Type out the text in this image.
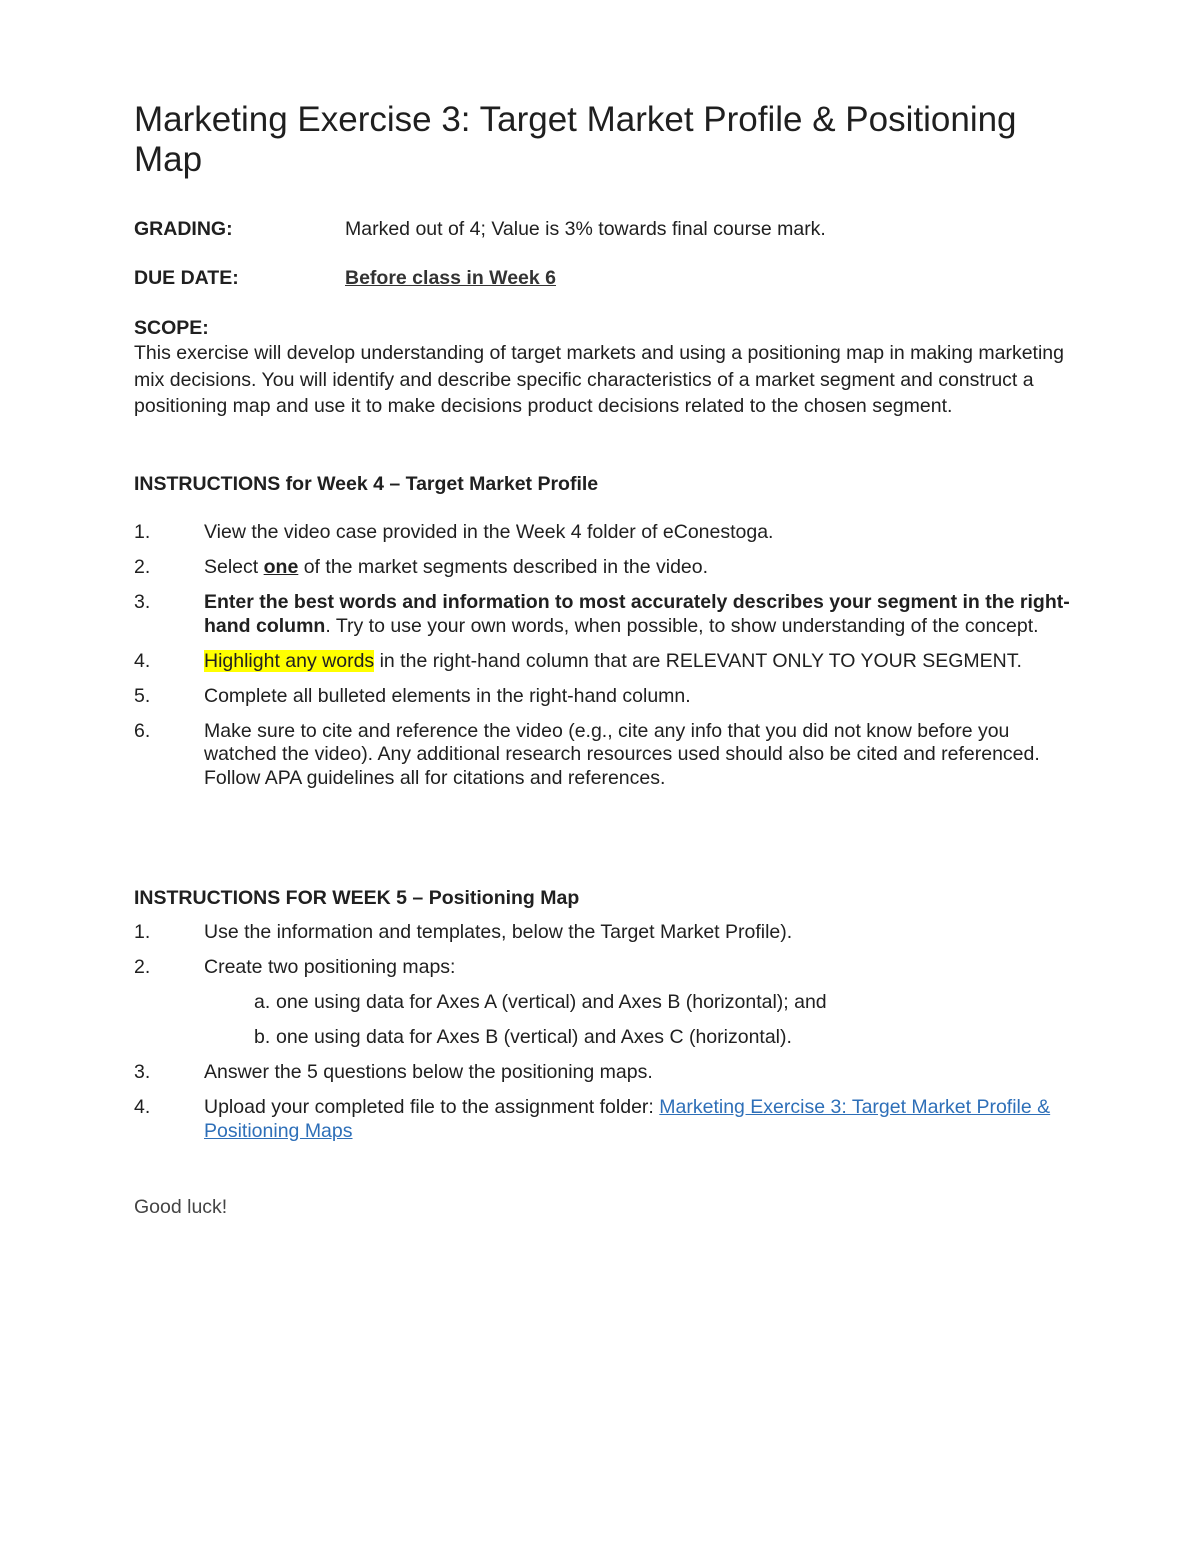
Marketing Exercise 3: Target Market Profile & Positioning Map
GRADING:	Marked out of 4; Value is 3% towards final course mark.
DUE DATE:	Before class in Week 6
SCOPE:
This exercise will develop understanding of target markets and using a positioning map in making marketing mix decisions. You will identify and describe specific characteristics of a market segment and construct a positioning map and use it to make decisions product decisions related to the chosen segment.
INSTRUCTIONS for Week 4 – Target Market Profile
1.	View the video case provided in the Week 4 folder of eConestoga.
2.	Select one of the market segments described in the video.
3.	Enter the best words and information to most accurately describes your segment in the right-hand column. Try to use your own words, when possible, to show understanding of the concept.
4.	Highlight any words in the right-hand column that are RELEVANT ONLY TO YOUR SEGMENT.
5.	Complete all bulleted elements in the right-hand column.
6.	Make sure to cite and reference the video (e.g., cite any info that you did not know before you watched the video). Any additional research resources used should also be cited and referenced. Follow APA guidelines all for citations and references.
INSTRUCTIONS FOR WEEK 5 – Positioning Map
1.	Use the information and templates, below the Target Market Profile).
2.	Create two positioning maps:
a. one using data for Axes A (vertical) and Axes B (horizontal); and
b. one using data for Axes B (vertical) and Axes C (horizontal).
3.	Answer the 5 questions below the positioning maps.
4.	Upload your completed file to the assignment folder: Marketing Exercise 3: Target Market Profile & Positioning Maps
Good luck!
